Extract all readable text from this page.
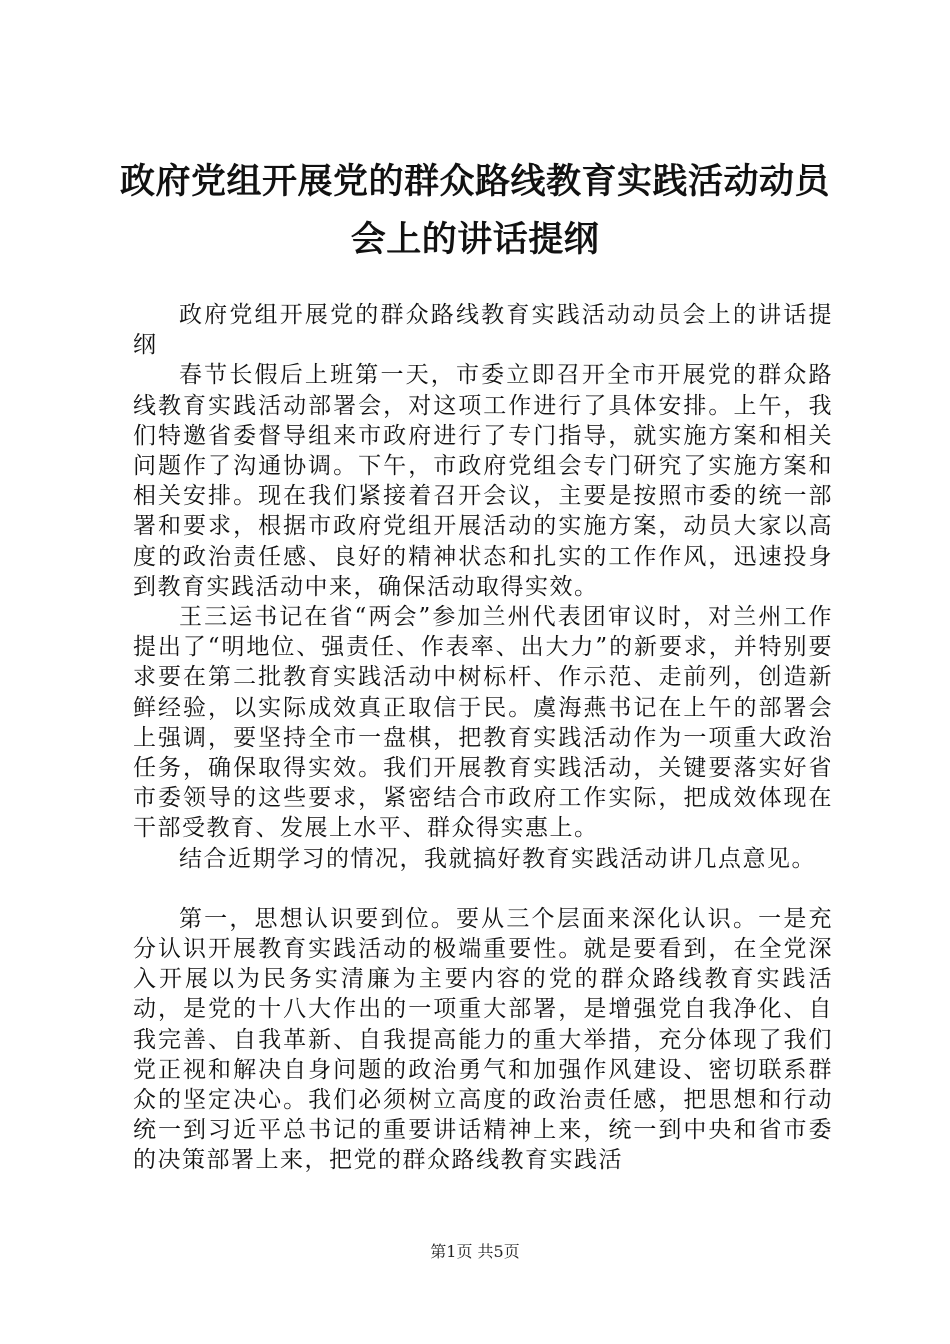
政府党组开展党的群众路线教育实践活动动员
会上的讲话提纲

政府党组开展党的群众路线教育实践活动动员会上的讲话提纲

春节长假后上班第一天，市委立即召开全市开展党的群众路线教育实践活动部署会，对这项工作进行了具体安排。上午，我们特邀省委督导组来市政府进行了专门指导，就实施方案和相关问题作了沟通协调。下午，市政府党组会专门研究了实施方案和相关安排。现在我们紧接着召开会议，主要是按照市委的统一部署和要求，根据市政府党组开展活动的实施方案，动员大家以高度的政治责任感、良好的精神状态和扎实的工作作风，迅速投身到教育实践活动中来，确保活动取得实效。

王三运书记在省“两会”参加兰州代表团审议时，对兰州工作提出了“明地位、强责任、作表率、出大力”的新要求，并特别要求要在第二批教育实践活动中树标杆、作示范、走前列，创造新鲜经验，以实际成效真正取信于民。虞海燕书记在上午的部署会上强调，要坚持全市一盘棋，把教育实践活动作为一项重大政治任务，确保取得实效。我们开展教育实践活动，关键要落实好省市委领导的这些要求，紧密结合市政府工作实际，把成效体现在干部受教育、发展上水平、群众得实惠上。

结合近期学习的情况，我就搞好教育实践活动讲几点意见。

第一，思想认识要到位。要从三个层面来深化认识。一是充分认识开展教育实践活动的极端重要性。就是要看到，在全党深入开展以为民务实清廉为主要内容的党的群众路线教育实践活动，是党的十八大作出的一项重大部署，是增强党自我净化、自我完善、自我革新、自我提高能力的重大举措，充分体现了我们党正视和解决自身问题的政治勇气和加强作风建设、密切联系群众的坚定决心。我们必须树立高度的政治责任感，把思想和行动统一到习近平总书记的重要讲话精神上来，统一到中央和省市委的决策部署上来，把党的群众路线教育实践活

第1页 共5页
